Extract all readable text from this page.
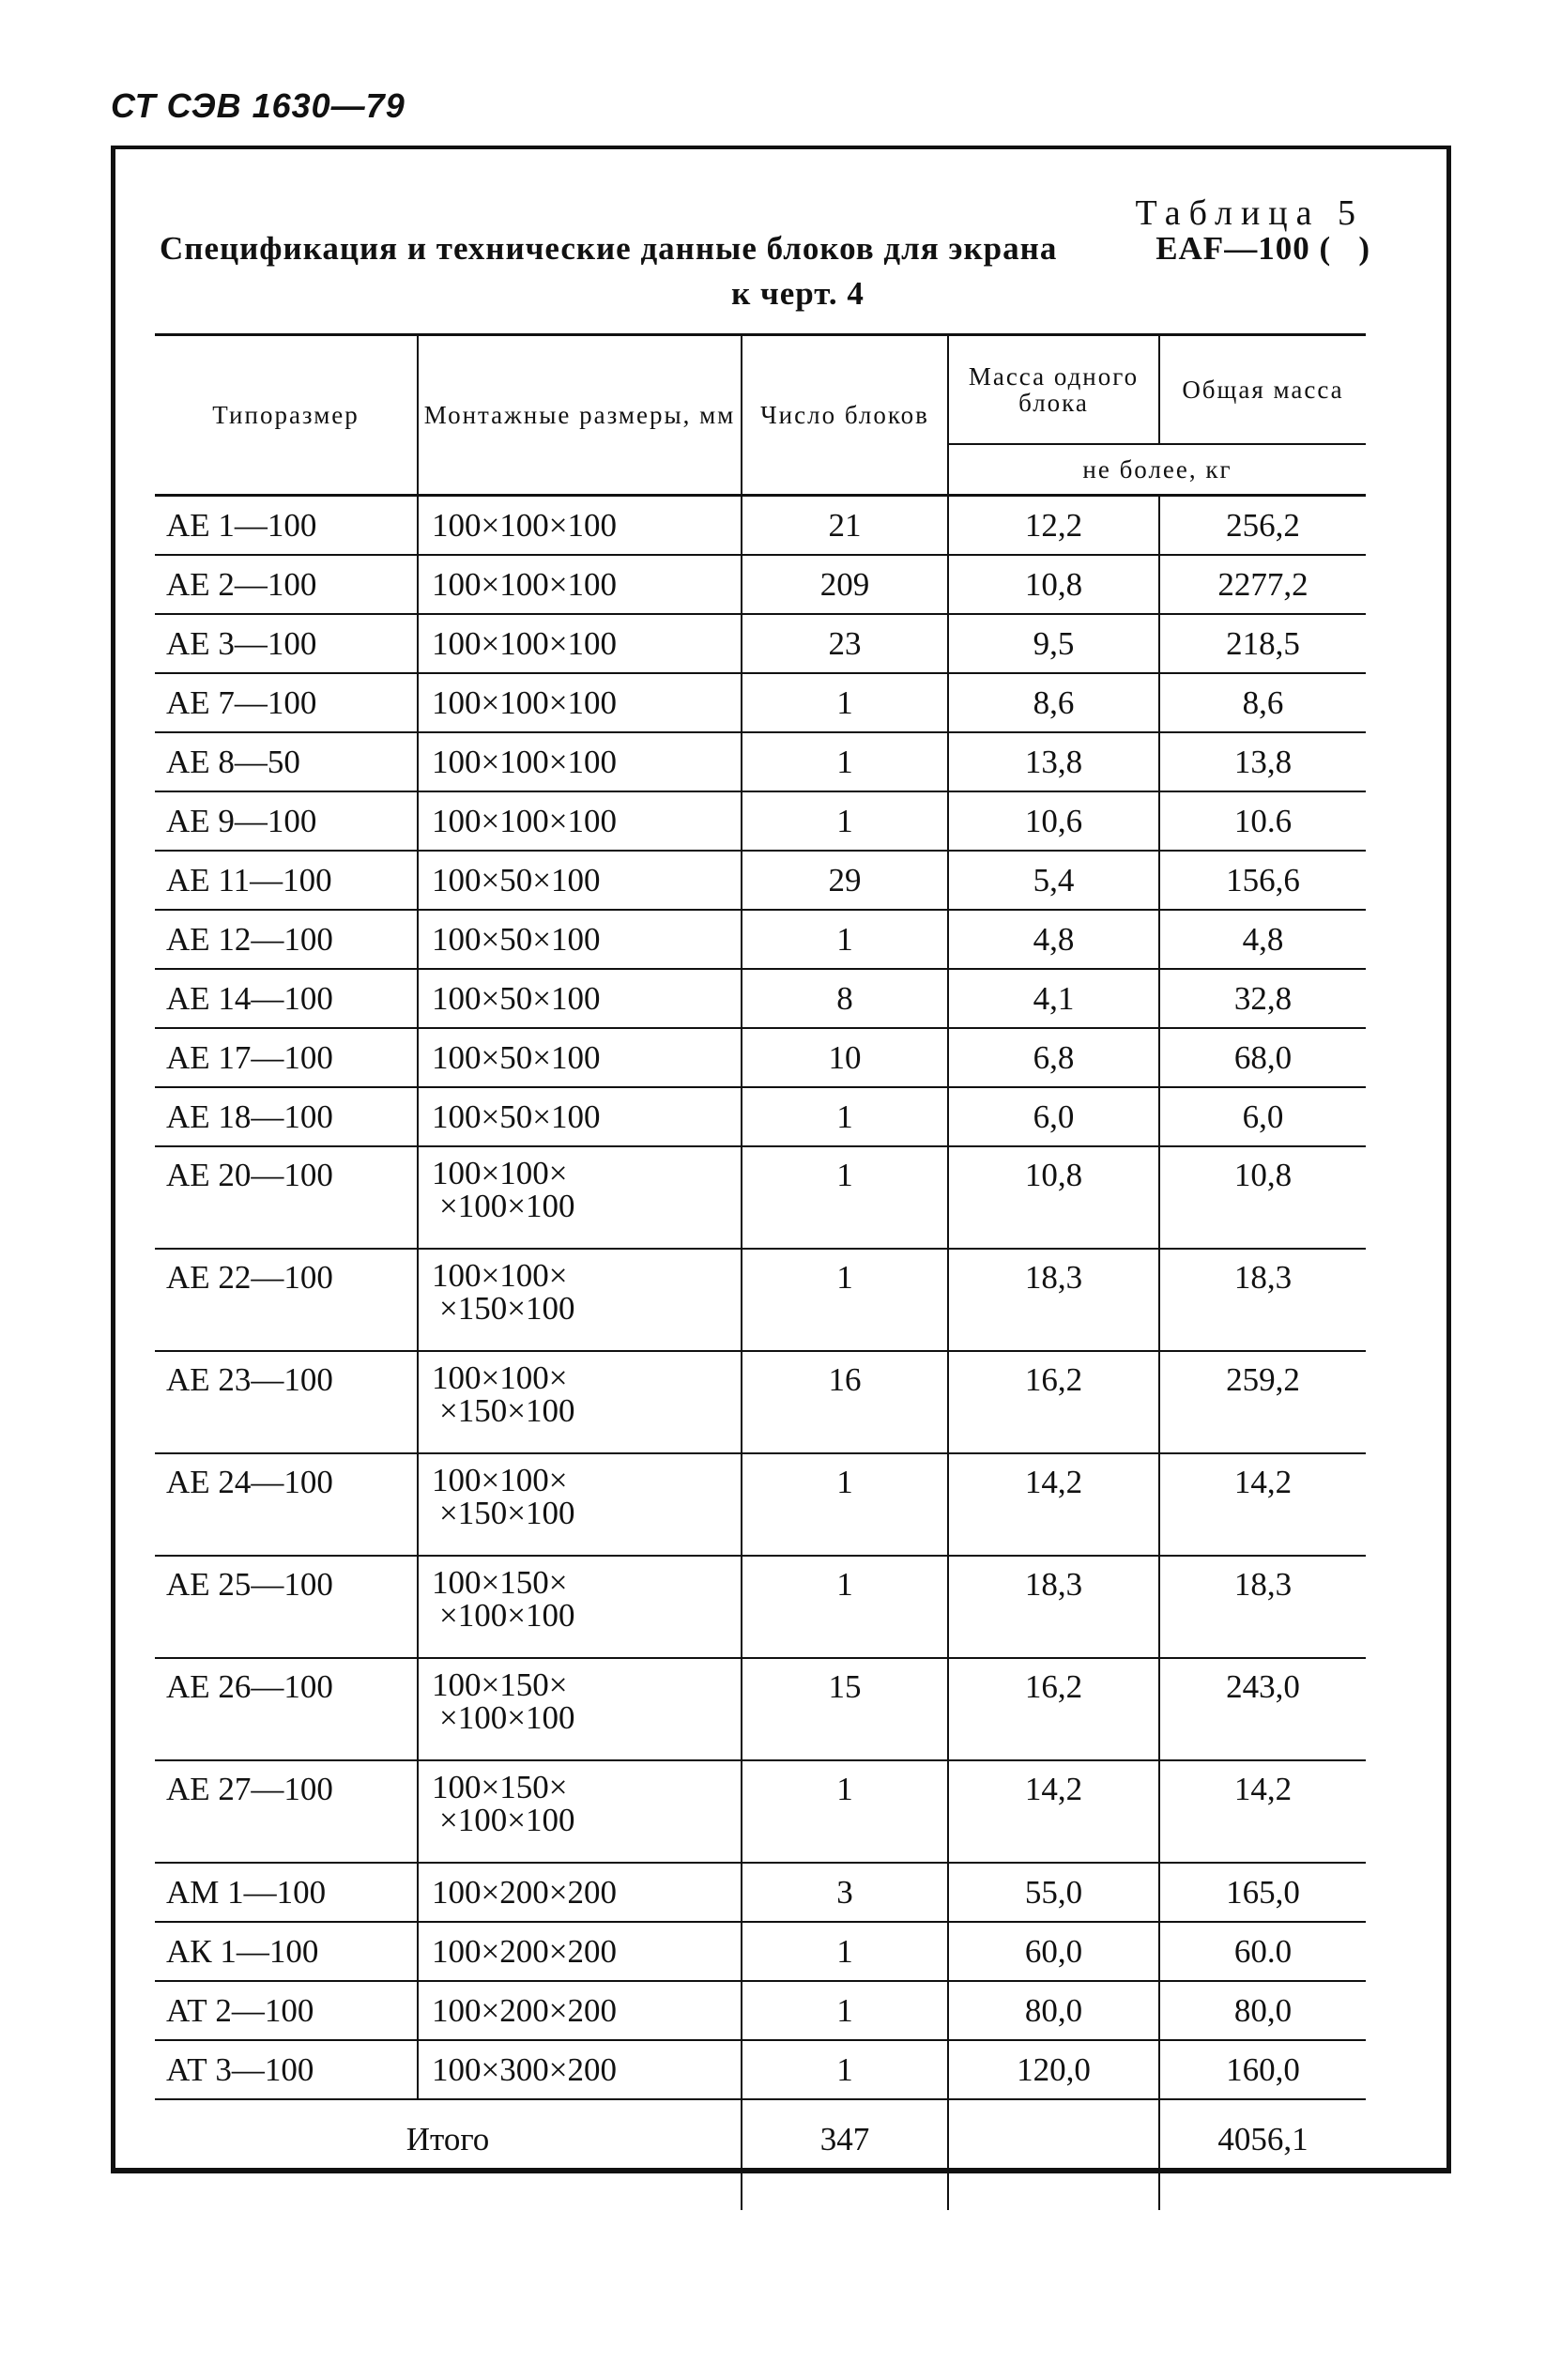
СТ СЭВ 1630—79
Таблица 5
Спецификация и технические данные блоков для экрана	EAF—100 ( )
к черт. 4
Типоразмер	Монтажные размеры, мм	Число блоков	Масса одного блока	Общая масса
			не более, кг	
АЕ 1—100	100×100×100	21	12,2	256,2
АЕ 2—100	100×100×100	209	10,8	2277,2
АЕ 3—100	100×100×100	23	9,5	218,5
АЕ 7—100	100×100×100	1	8,6	8,6
АЕ 8—50	100×100×100	1	13,8	13,8
АЕ 9—100	100×100×100	1	10,6	10.6
АЕ 11—100	100×50×100	29	5,4	156,6
АЕ 12—100	100×50×100	1	4,8	4,8
АЕ 14—100	100×50×100	8	4,1	32,8
АЕ 17—100	100×50×100	10	6,8	68,0
АЕ 18—100	100×50×100	1	6,0	6,0
АЕ 20—100	100×100×
×100×100	1	10,8	10,8
АЕ 22—100	100×100×
×150×100	1	18,3	18,3
АЕ 23—100	100×100×
×150×100	16	16,2	259,2
АЕ 24—100	100×100×
×150×100	1	14,2	14,2
АЕ 25—100	100×150×
×100×100	1	18,3	18,3
АЕ 26—100	100×150×
×100×100	15	16,2	243,0
АЕ 27—100	100×150×
×100×100	1	14,2	14,2
АМ 1—100	100×200×200	3	55,0	165,0
АК 1—100	100×200×200	1	60,0	60.0
АТ 2—100	100×200×200	1	80,0	80,0
АТ 3—100	100×300×200	1	120,0	160,0
Итого		347		4056,1
